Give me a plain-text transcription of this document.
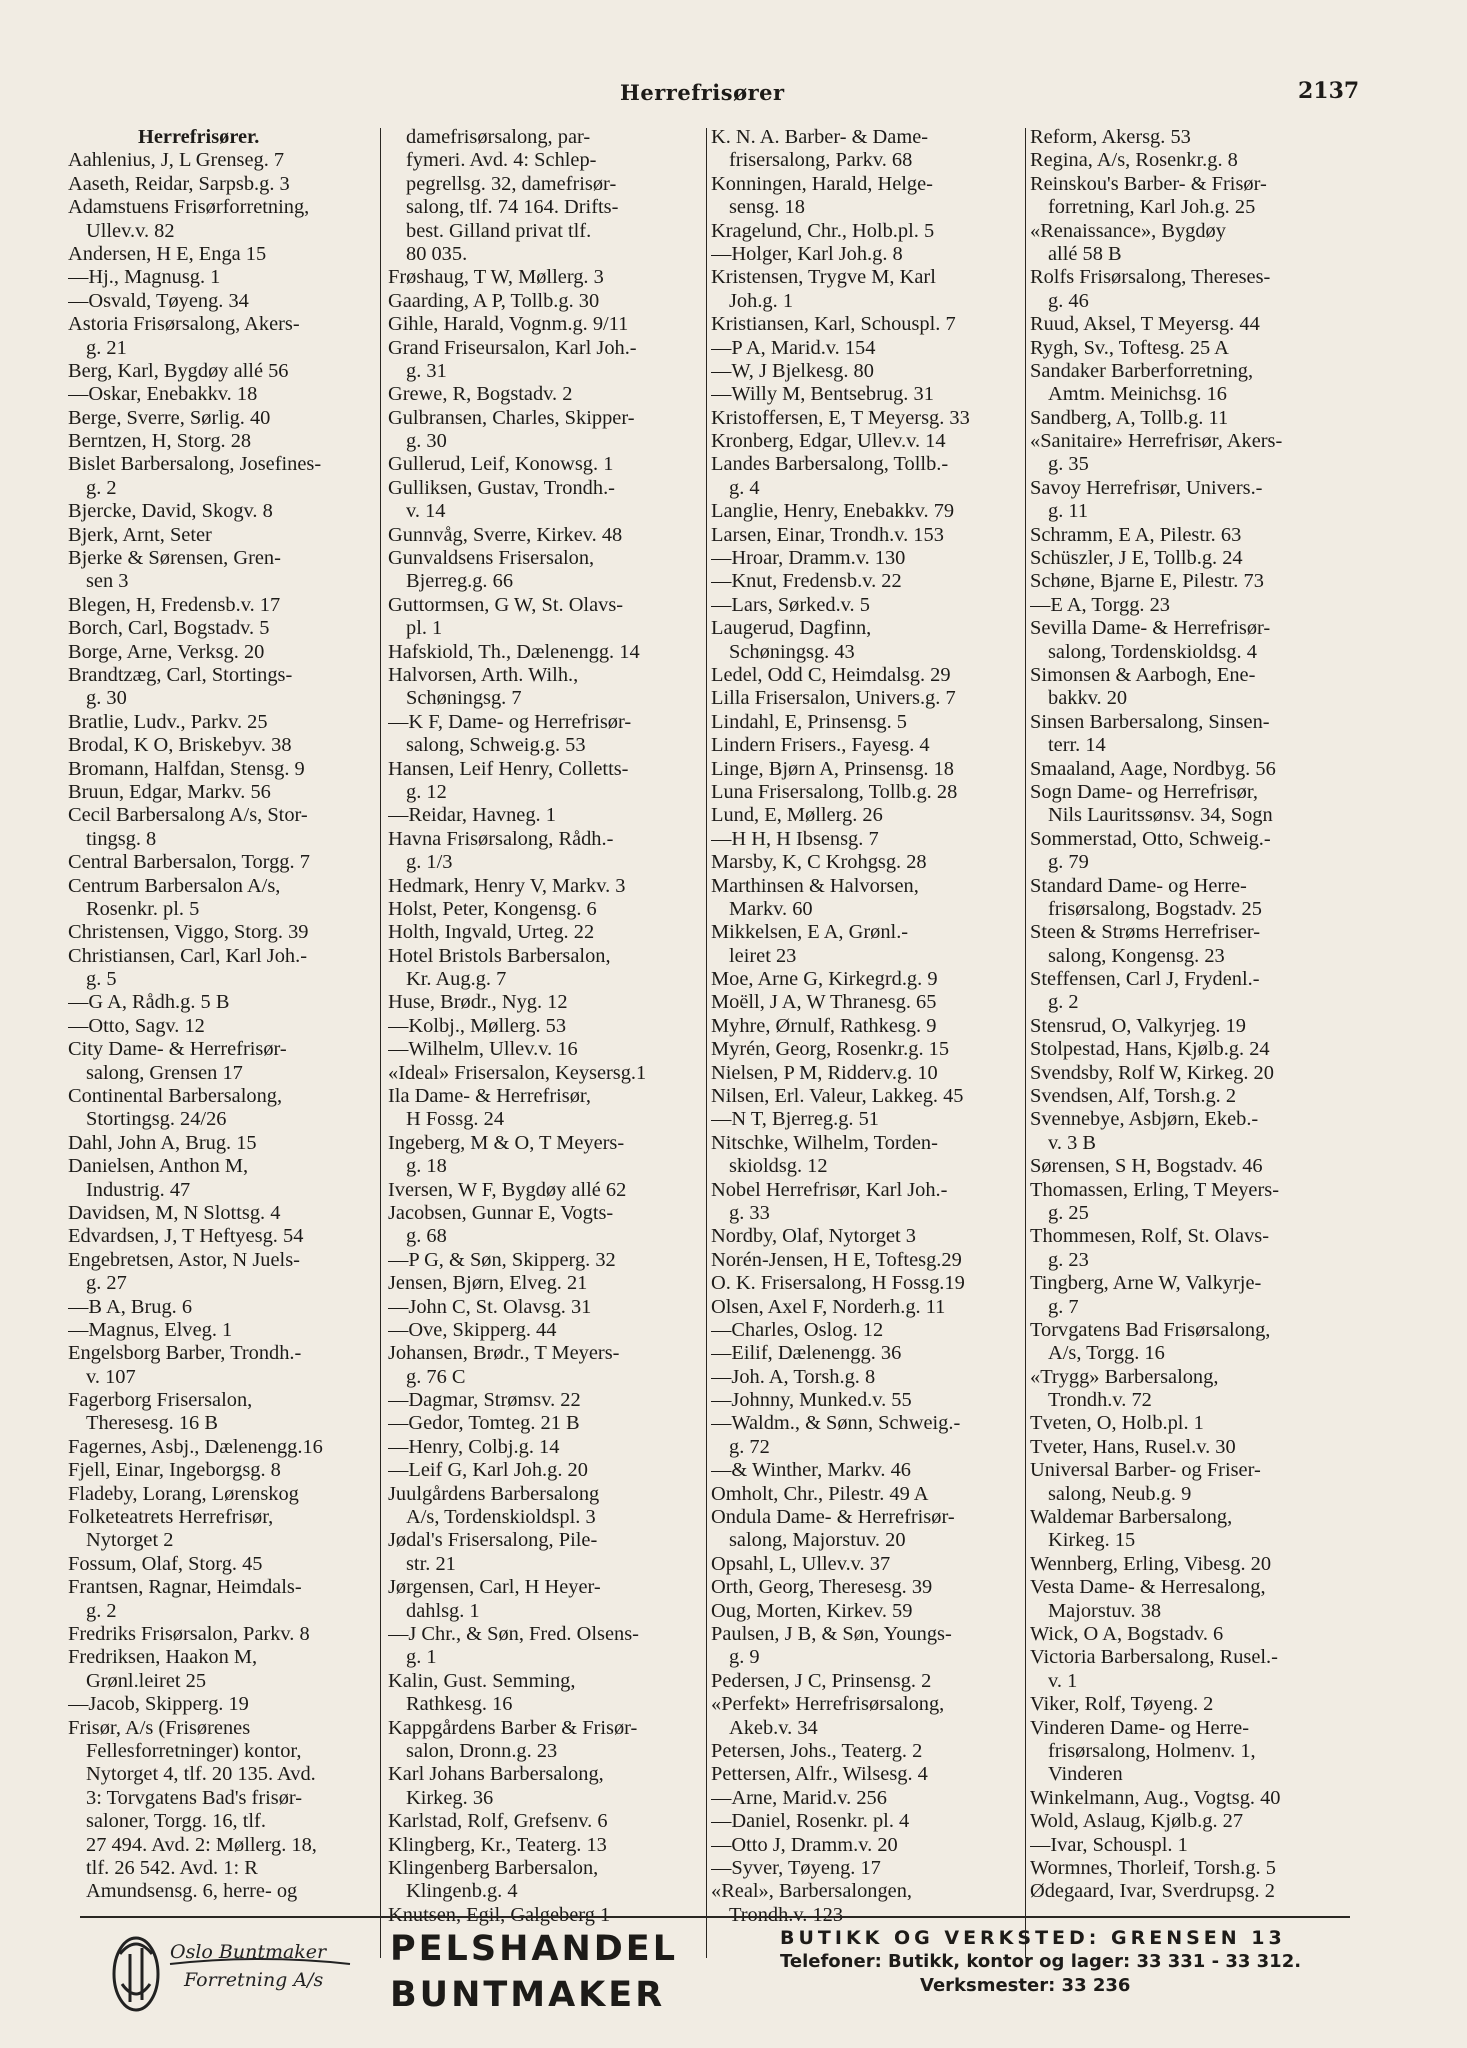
Herrefrisører	2137
Herrefrisører.
Aahlenius, J, L Grenseg. 7
Aaseth, Reidar, Sarpsb.g. 3
Adamstuens Frisørforretning,
Ullev.v. 82
Andersen, H E, Enga 15
—Hj., Magnusg. 1
—Osvald, Tøyeng. 34
Astoria Frisørsalong, Akers-
g. 21
Berg, Karl, Bygdøy allé 56
—Oskar, Enebakkv. 18
Berge, Sverre, Sørlig. 40
Berntzen, H, Storg. 28
Bislet Barbersalong, Josefines-
g. 2
Bjercke, David, Skogv. 8
Bjerk, Arnt, Seter
Bjerke & Sørensen, Gren-
sen 3
Blegen, H, Fredensb.v. 17
Borch, Carl, Bogstadv. 5
Borge, Arne, Verksg. 20
Brandtzæg, Carl, Stortings-
g. 30
Bratlie, Ludv., Parkv. 25
Brodal, K O, Briskebyv. 38
Bromann, Halfdan, Stensg. 9
Bruun, Edgar, Markv. 56
Cecil Barbersalong A/s, Stor-
tingsg. 8
Central Barbersalon, Torgg. 7
Centrum Barbersalon A/s,
Rosenkr. pl. 5
Christensen, Viggo, Storg. 39
Christiansen, Carl, Karl Joh.-
g. 5
—G A, Rådh.g. 5 B
—Otto, Sagv. 12
City Dame- & Herrefrisør-
salong, Grensen 17
Continental Barbersalong,
Stortingsg. 24/26
Dahl, John A, Brug. 15
Danielsen, Anthon M,
Industrig. 47
Davidsen, M, N Slottsg. 4
Edvardsen, J, T Heftyesg. 54
Engebretsen, Astor, N Juels-
g. 27
—B A, Brug. 6
—Magnus, Elveg. 1
Engelsborg Barber, Trondh.-
v. 107
Fagerborg Frisersalon,
Theresesg. 16 B
Fagernes, Asbj., Dælenengg.16
Fjell, Einar, Ingeborgsg. 8
Fladeby, Lorang, Lørenskog
Folketeatrets Herrefrisør,
Nytorget 2
Fossum, Olaf, Storg. 45
Frantsen, Ragnar, Heimdals-
g. 2
Fredriks Frisørsalon, Parkv. 8
Fredriksen, Haakon M,
Grønl.leiret 25
—Jacob, Skipperg. 19
Frisør, A/s (Frisørenes
Fellesforretninger) kontor,
Nytorget 4, tlf. 20 135. Avd.
3: Torvgatens Bad's frisør-
saloner, Torgg. 16, tlf.
27 494. Avd. 2: Møllerg. 18,
tlf. 26 542. Avd. 1: R
Amundsensg. 6, herre- og
damefrisørsalong, par-
fymeri. Avd. 4: Schlep-
pegrellsg. 32, damefrisør-
salong, tlf. 74 164. Drifts-
best. Gilland privat tlf.
80 035.
Frøshaug, T W, Møllerg. 3
Gaarding, A P, Tollb.g. 30
Gihle, Harald, Vognm.g. 9/11
Grand Friseursalon, Karl Joh.-
g. 31
Grewe, R, Bogstadv. 2
Gulbransen, Charles, Skipper-
g. 30
Gullerud, Leif, Konowsg. 1
Gulliksen, Gustav, Trondh.-
v. 14
Gunnvåg, Sverre, Kirkev. 48
Gunvaldsens Frisersalon,
Bjerreg.g. 66
Guttormsen, G W, St. Olavs-
pl. 1
Hafskiold, Th., Dælenengg. 14
Halvorsen, Arth. Wilh.,
Schøningsg. 7
—K F, Dame- og Herrefrisør-
salong, Schweig.g. 53
Hansen, Leif Henry, Colletts-
g. 12
—Reidar, Havneg. 1
Havna Frisørsalong, Rådh.-
g. 1/3
Hedmark, Henry V, Markv. 3
Holst, Peter, Kongensg. 6
Holth, Ingvald, Urteg. 22
Hotel Bristols Barbersalon,
Kr. Aug.g. 7
Huse, Brødr., Nyg. 12
—Kolbj., Møllerg. 53
—Wilhelm, Ullev.v. 16
«Ideal» Frisersalon, Keysersg.1
Ila Dame- & Herrefrisør,
H Fossg. 24
Ingeberg, M & O, T Meyers-
g. 18
Iversen, W F, Bygdøy allé 62
Jacobsen, Gunnar E, Vogts-
g. 68
—P G, & Søn, Skipperg. 32
Jensen, Bjørn, Elveg. 21
—John C, St. Olavsg. 31
—Ove, Skipperg. 44
Johansen, Brødr., T Meyers-
g. 76 C
—Dagmar, Strømsv. 22
—Gedor, Tomteg. 21 B
—Henry, Colbj.g. 14
—Leif G, Karl Joh.g. 20
Juulgårdens Barbersalong
A/s, Tordenskioldspl. 3
Jødal's Frisersalong, Pile-
str. 21
Jørgensen, Carl, H Heyer-
dahlsg. 1
—J Chr., & Søn, Fred. Olsens-
g. 1
Kalin, Gust. Semming,
Rathkesg. 16
Kappgårdens Barber & Frisør-
salon, Dronn.g. 23
Karl Johans Barbersalong,
Kirkeg. 36
Karlstad, Rolf, Grefsenv. 6
Klingberg, Kr., Teaterg. 13
Klingenberg Barbersalon,
Klingenb.g. 4
Knutsen, Egil, Galgeberg 1
K. N. A. Barber- & Dame-
frisersalong, Parkv. 68
Konningen, Harald, Helge-
sensg. 18
Kragelund, Chr., Holb.pl. 5
—Holger, Karl Joh.g. 8
Kristensen, Trygve M, Karl
Joh.g. 1
Kristiansen, Karl, Schouspl. 7
—P A, Marid.v. 154
—W, J Bjelkesg. 80
—Willy M, Bentsebrug. 31
Kristoffersen, E, T Meyersg. 33
Kronberg, Edgar, Ullev.v. 14
Landes Barbersalong, Tollb.-
g. 4
Langlie, Henry, Enebakkv. 79
Larsen, Einar, Trondh.v. 153
—Hroar, Dramm.v. 130
—Knut, Fredensb.v. 22
—Lars, Sørked.v. 5
Laugerud, Dagfinn,
Schøningsg. 43
Ledel, Odd C, Heimdalsg. 29
Lilla Frisersalon, Univers.g. 7
Lindahl, E, Prinsensg. 5
Lindern Frisers., Fayesg. 4
Linge, Bjørn A, Prinsensg. 18
Luna Frisersalong, Tollb.g. 28
Lund, E, Møllerg. 26
—H H, H Ibsensg. 7
Marsby, K, C Krohgsg. 28
Marthinsen & Halvorsen,
Markv. 60
Mikkelsen, E A, Grønl.-
leiret 23
Moe, Arne G, Kirkegrd.g. 9
Moëll, J A, W Thranesg. 65
Myhre, Ørnulf, Rathkesg. 9
Myrén, Georg, Rosenkr.g. 15
Nielsen, P M, Ridderv.g. 10
Nilsen, Erl. Valeur, Lakkeg. 45
—N T, Bjerreg.g. 51
Nitschke, Wilhelm, Torden-
skioldsg. 12
Nobel Herrefrisør, Karl Joh.-
g. 33
Nordby, Olaf, Nytorget 3
Norén-Jensen, H E, Toftesg.29
O. K. Frisersalong, H Fossg.19
Olsen, Axel F, Norderh.g. 11
—Charles, Oslog. 12
—Eilif, Dælenengg. 36
—Joh. A, Torsh.g. 8
—Johnny, Munked.v. 55
—Waldm., & Sønn, Schweig.-
g. 72
—& Winther, Markv. 46
Omholt, Chr., Pilestr. 49 A
Ondula Dame- & Herrefrisør-
salong, Majorstuv. 20
Opsahl, L, Ullev.v. 37
Orth, Georg, Theresesg. 39
Oug, Morten, Kirkev. 59
Paulsen, J B, & Søn, Youngs-
g. 9
Pedersen, J C, Prinsensg. 2
«Perfekt» Herrefrisørsalong,
Akeb.v. 34
Petersen, Johs., Teaterg. 2
Pettersen, Alfr., Wilsesg. 4
—Arne, Marid.v. 256
—Daniel, Rosenkr. pl. 4
—Otto J, Dramm.v. 20
—Syver, Tøyeng. 17
«Real», Barbersalongen,
Trondh.v. 123
Reform, Akersg. 53
Regina, A/s, Rosenkr.g. 8
Reinskou's Barber- & Frisør-
forretning, Karl Joh.g. 25
«Renaissance», Bygdøy
allé 58 B
Rolfs Frisørsalong, Thereses-
g. 46
Ruud, Aksel, T Meyersg. 44
Rygh, Sv., Toftesg. 25 A
Sandaker Barberforretning,
Amtm. Meinichsg. 16
Sandberg, A, Tollb.g. 11
«Sanitaire» Herrefrisør, Akers-
g. 35
Savoy Herrefrisør, Univers.-
g. 11
Schramm, E A, Pilestr. 63
Schüszler, J E, Tollb.g. 24
Schøne, Bjarne E, Pilestr. 73
—E A, Torgg. 23
Sevilla Dame- & Herrefrisør-
salong, Tordenskioldsg. 4
Simonsen & Aarbogh, Ene-
bakkv. 20
Sinsen Barbersalong, Sinsen-
terr. 14
Smaaland, Aage, Nordbyg. 56
Sogn Dame- og Herrefrisør,
Nils Lauritssønsv. 34, Sogn
Sommerstad, Otto, Schweig.-
g. 79
Standard Dame- og Herre-
frisørsalong, Bogstadv. 25
Steen & Strøms Herrefriser-
salong, Kongensg. 23
Steffensen, Carl J, Frydenl.-
g. 2
Stensrud, O, Valkyrjeg. 19
Stolpestad, Hans, Kjølb.g. 24
Svendsby, Rolf W, Kirkeg. 20
Svendsen, Alf, Torsh.g. 2
Svennebye, Asbjørn, Ekeb.-
v. 3 B
Sørensen, S H, Bogstadv. 46
Thomassen, Erling, T Meyers-
g. 25
Thommesen, Rolf, St. Olavs-
g. 23
Tingberg, Arne W, Valkyrje-
g. 7
Torvgatens Bad Frisørsalong,
A/s, Torgg. 16
«Trygg» Barbersalong,
Trondh.v. 72
Tveten, O, Holb.pl. 1
Tveter, Hans, Rusel.v. 30
Universal Barber- og Friser-
salong, Neub.g. 9
Waldemar Barbersalong,
Kirkeg. 15
Wennberg, Erling, Vibesg. 20
Vesta Dame- & Herresalong,
Majorstuv. 38
Wick, O A, Bogstadv. 6
Victoria Barbersalong, Rusel.-
v. 1
Viker, Rolf, Tøyeng. 2
Vinderen Dame- og Herre-
frisørsalong, Holmenv. 1,
Vinderen
Winkelmann, Aug., Vogtsg. 40
Wold, Aslaug, Kjølb.g. 27
—Ivar, Schouspl. 1
Wormnes, Thorleif, Torsh.g. 5
Ødegaard, Ivar, Sverdrupsg. 2
Oslo Buntmaker
Forretning A/s
PELSHANDEL
BUNTMAKER
BUTIKK OG VERKSTED: GRENSEN 13
Telefoner: Butikk, kontor og lager: 33 331 - 33 312.
Verksmester: 33 236
